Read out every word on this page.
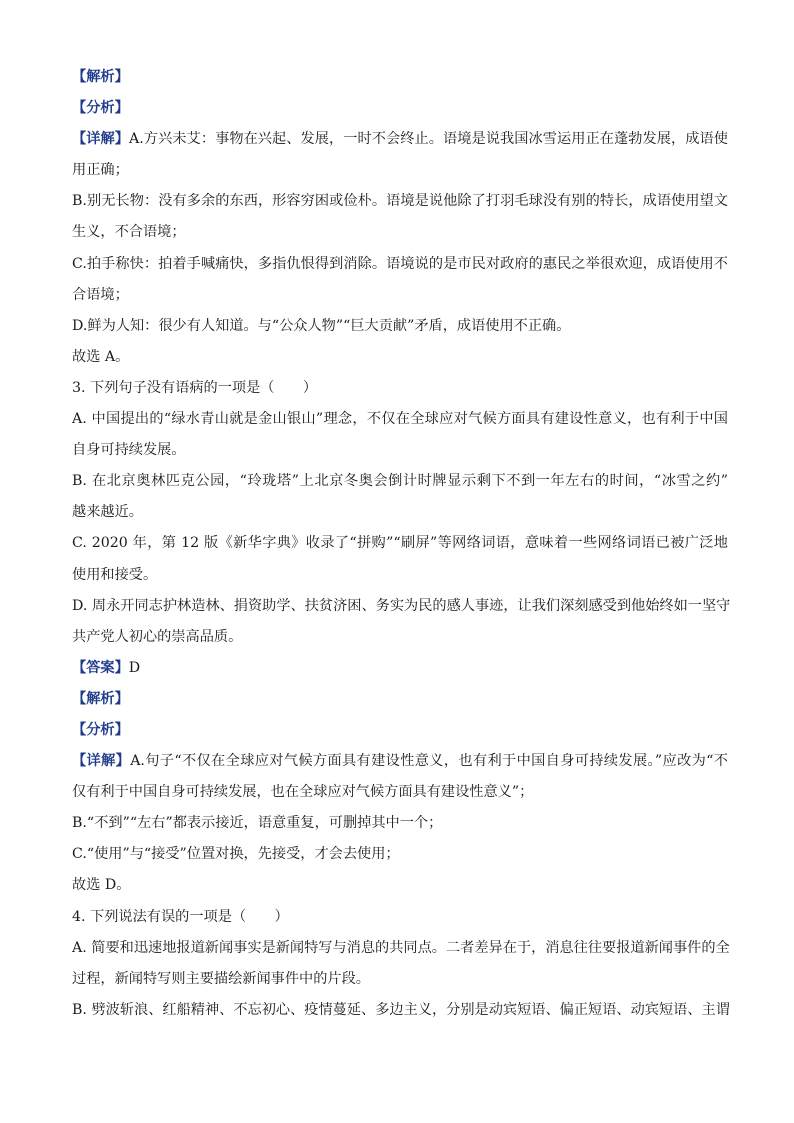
【解析】

【分析】

【详解】A.方兴未艾：事物在兴起、发展，一时不会终止。语境是说我国冰雪运用正在蓬勃发展，成语使

用正确；

B.别无长物：没有多余的东西，形容穷困或俭朴。语境是说他除了打羽毛球没有别的特长，成语使用望文

生义，不合语境；

C.拍手称快：拍着手喊痛快，多指仇恨得到消除。语境说的是市民对政府的惠民之举很欢迎，成语使用不

合语境；

D.鲜为人知：很少有人知道。与“公众人物”“巨大贡献”矛盾，成语使用不正确。

故选 A。

3. 下列句子没有语病的一项是（　　）

A. 中国提出的“绿水青山就是金山银山”理念，不仅在全球应对气候方面具有建设性意义，也有利于中国

自身可持续发展。

B. 在北京奥林匹克公园，“玲珑塔”上北京冬奥会倒计时牌显示剩下不到一年左右的时间，“冰雪之约”

越来越近。

C. 2020 年，第 12 版《新华字典》收录了“拼购”“刷屏”等网络词语，意味着一些网络词语已被广泛地

使用和接受。

D. 周永开同志护林造林、捐资助学、扶贫济困、务实为民的感人事迹，让我们深刻感受到他始终如一坚守

共产党人初心的崇高品质。

【答案】D

【解析】

【分析】

【详解】A.句子“不仅在全球应对气候方面具有建设性意义，也有利于中国自身可持续发展。”应改为“不

仅有利于中国自身可持续发展，也在全球应对气候方面具有建设性意义”；

B.“不到”“左右”都表示接近，语意重复，可删掉其中一个；

C.“使用”与“接受”位置对换，先接受，才会去使用；

故选 D。

4. 下列说法有误的一项是（　　）

A. 简要和迅速地报道新闻事实是新闻特写与消息的共同点。二者差异在于，消息往往要报道新闻事件的全

过程，新闻特写则主要描绘新闻事件中的片段。

B. 劈波斩浪、红船精神、不忘初心、疫情蔓延、多边主义，分别是动宾短语、偏正短语、动宾短语、主谓
